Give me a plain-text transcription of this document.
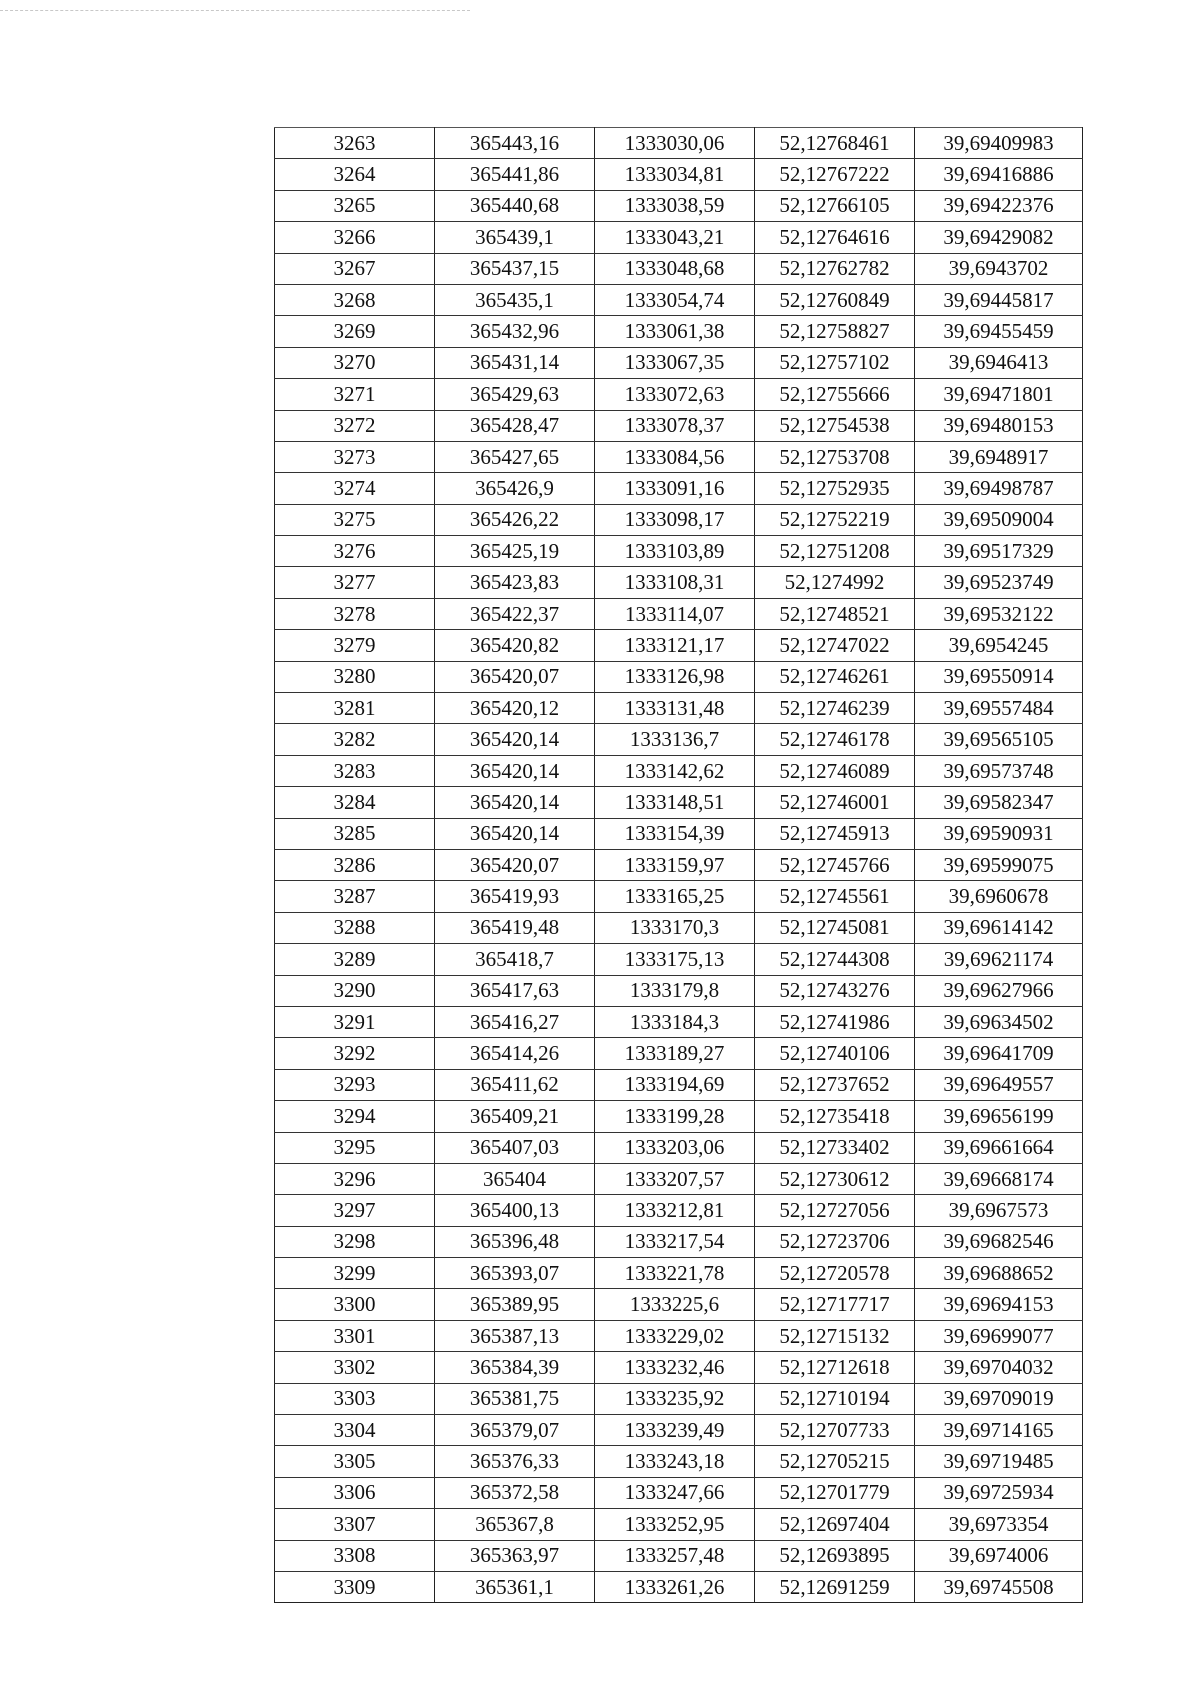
3263	365443,16	1333030,06	52,12768461	39,69409983
3264	365441,86	1333034,81	52,12767222	39,69416886
3265	365440,68	1333038,59	52,12766105	39,69422376
3266	365439,1	1333043,21	52,12764616	39,69429082
3267	365437,15	1333048,68	52,12762782	39,6943702
3268	365435,1	1333054,74	52,12760849	39,69445817
3269	365432,96	1333061,38	52,12758827	39,69455459
3270	365431,14	1333067,35	52,12757102	39,6946413
3271	365429,63	1333072,63	52,12755666	39,69471801
3272	365428,47	1333078,37	52,12754538	39,69480153
3273	365427,65	1333084,56	52,12753708	39,6948917
3274	365426,9	1333091,16	52,12752935	39,69498787
3275	365426,22	1333098,17	52,12752219	39,69509004
3276	365425,19	1333103,89	52,12751208	39,69517329
3277	365423,83	1333108,31	52,1274992	39,69523749
3278	365422,37	1333114,07	52,12748521	39,69532122
3279	365420,82	1333121,17	52,12747022	39,6954245
3280	365420,07	1333126,98	52,12746261	39,69550914
3281	365420,12	1333131,48	52,12746239	39,69557484
3282	365420,14	1333136,7	52,12746178	39,69565105
3283	365420,14	1333142,62	52,12746089	39,69573748
3284	365420,14	1333148,51	52,12746001	39,69582347
3285	365420,14	1333154,39	52,12745913	39,69590931
3286	365420,07	1333159,97	52,12745766	39,69599075
3287	365419,93	1333165,25	52,12745561	39,6960678
3288	365419,48	1333170,3	52,12745081	39,69614142
3289	365418,7	1333175,13	52,12744308	39,69621174
3290	365417,63	1333179,8	52,12743276	39,69627966
3291	365416,27	1333184,3	52,12741986	39,69634502
3292	365414,26	1333189,27	52,12740106	39,69641709
3293	365411,62	1333194,69	52,12737652	39,69649557
3294	365409,21	1333199,28	52,12735418	39,69656199
3295	365407,03	1333203,06	52,12733402	39,69661664
3296	365404	1333207,57	52,12730612	39,69668174
3297	365400,13	1333212,81	52,12727056	39,6967573
3298	365396,48	1333217,54	52,12723706	39,69682546
3299	365393,07	1333221,78	52,12720578	39,69688652
3300	365389,95	1333225,6	52,12717717	39,69694153
3301	365387,13	1333229,02	52,12715132	39,69699077
3302	365384,39	1333232,46	52,12712618	39,69704032
3303	365381,75	1333235,92	52,12710194	39,69709019
3304	365379,07	1333239,49	52,12707733	39,69714165
3305	365376,33	1333243,18	52,12705215	39,69719485
3306	365372,58	1333247,66	52,12701779	39,69725934
3307	365367,8	1333252,95	52,12697404	39,6973354
3308	365363,97	1333257,48	52,12693895	39,6974006
3309	365361,1	1333261,26	52,12691259	39,69745508
